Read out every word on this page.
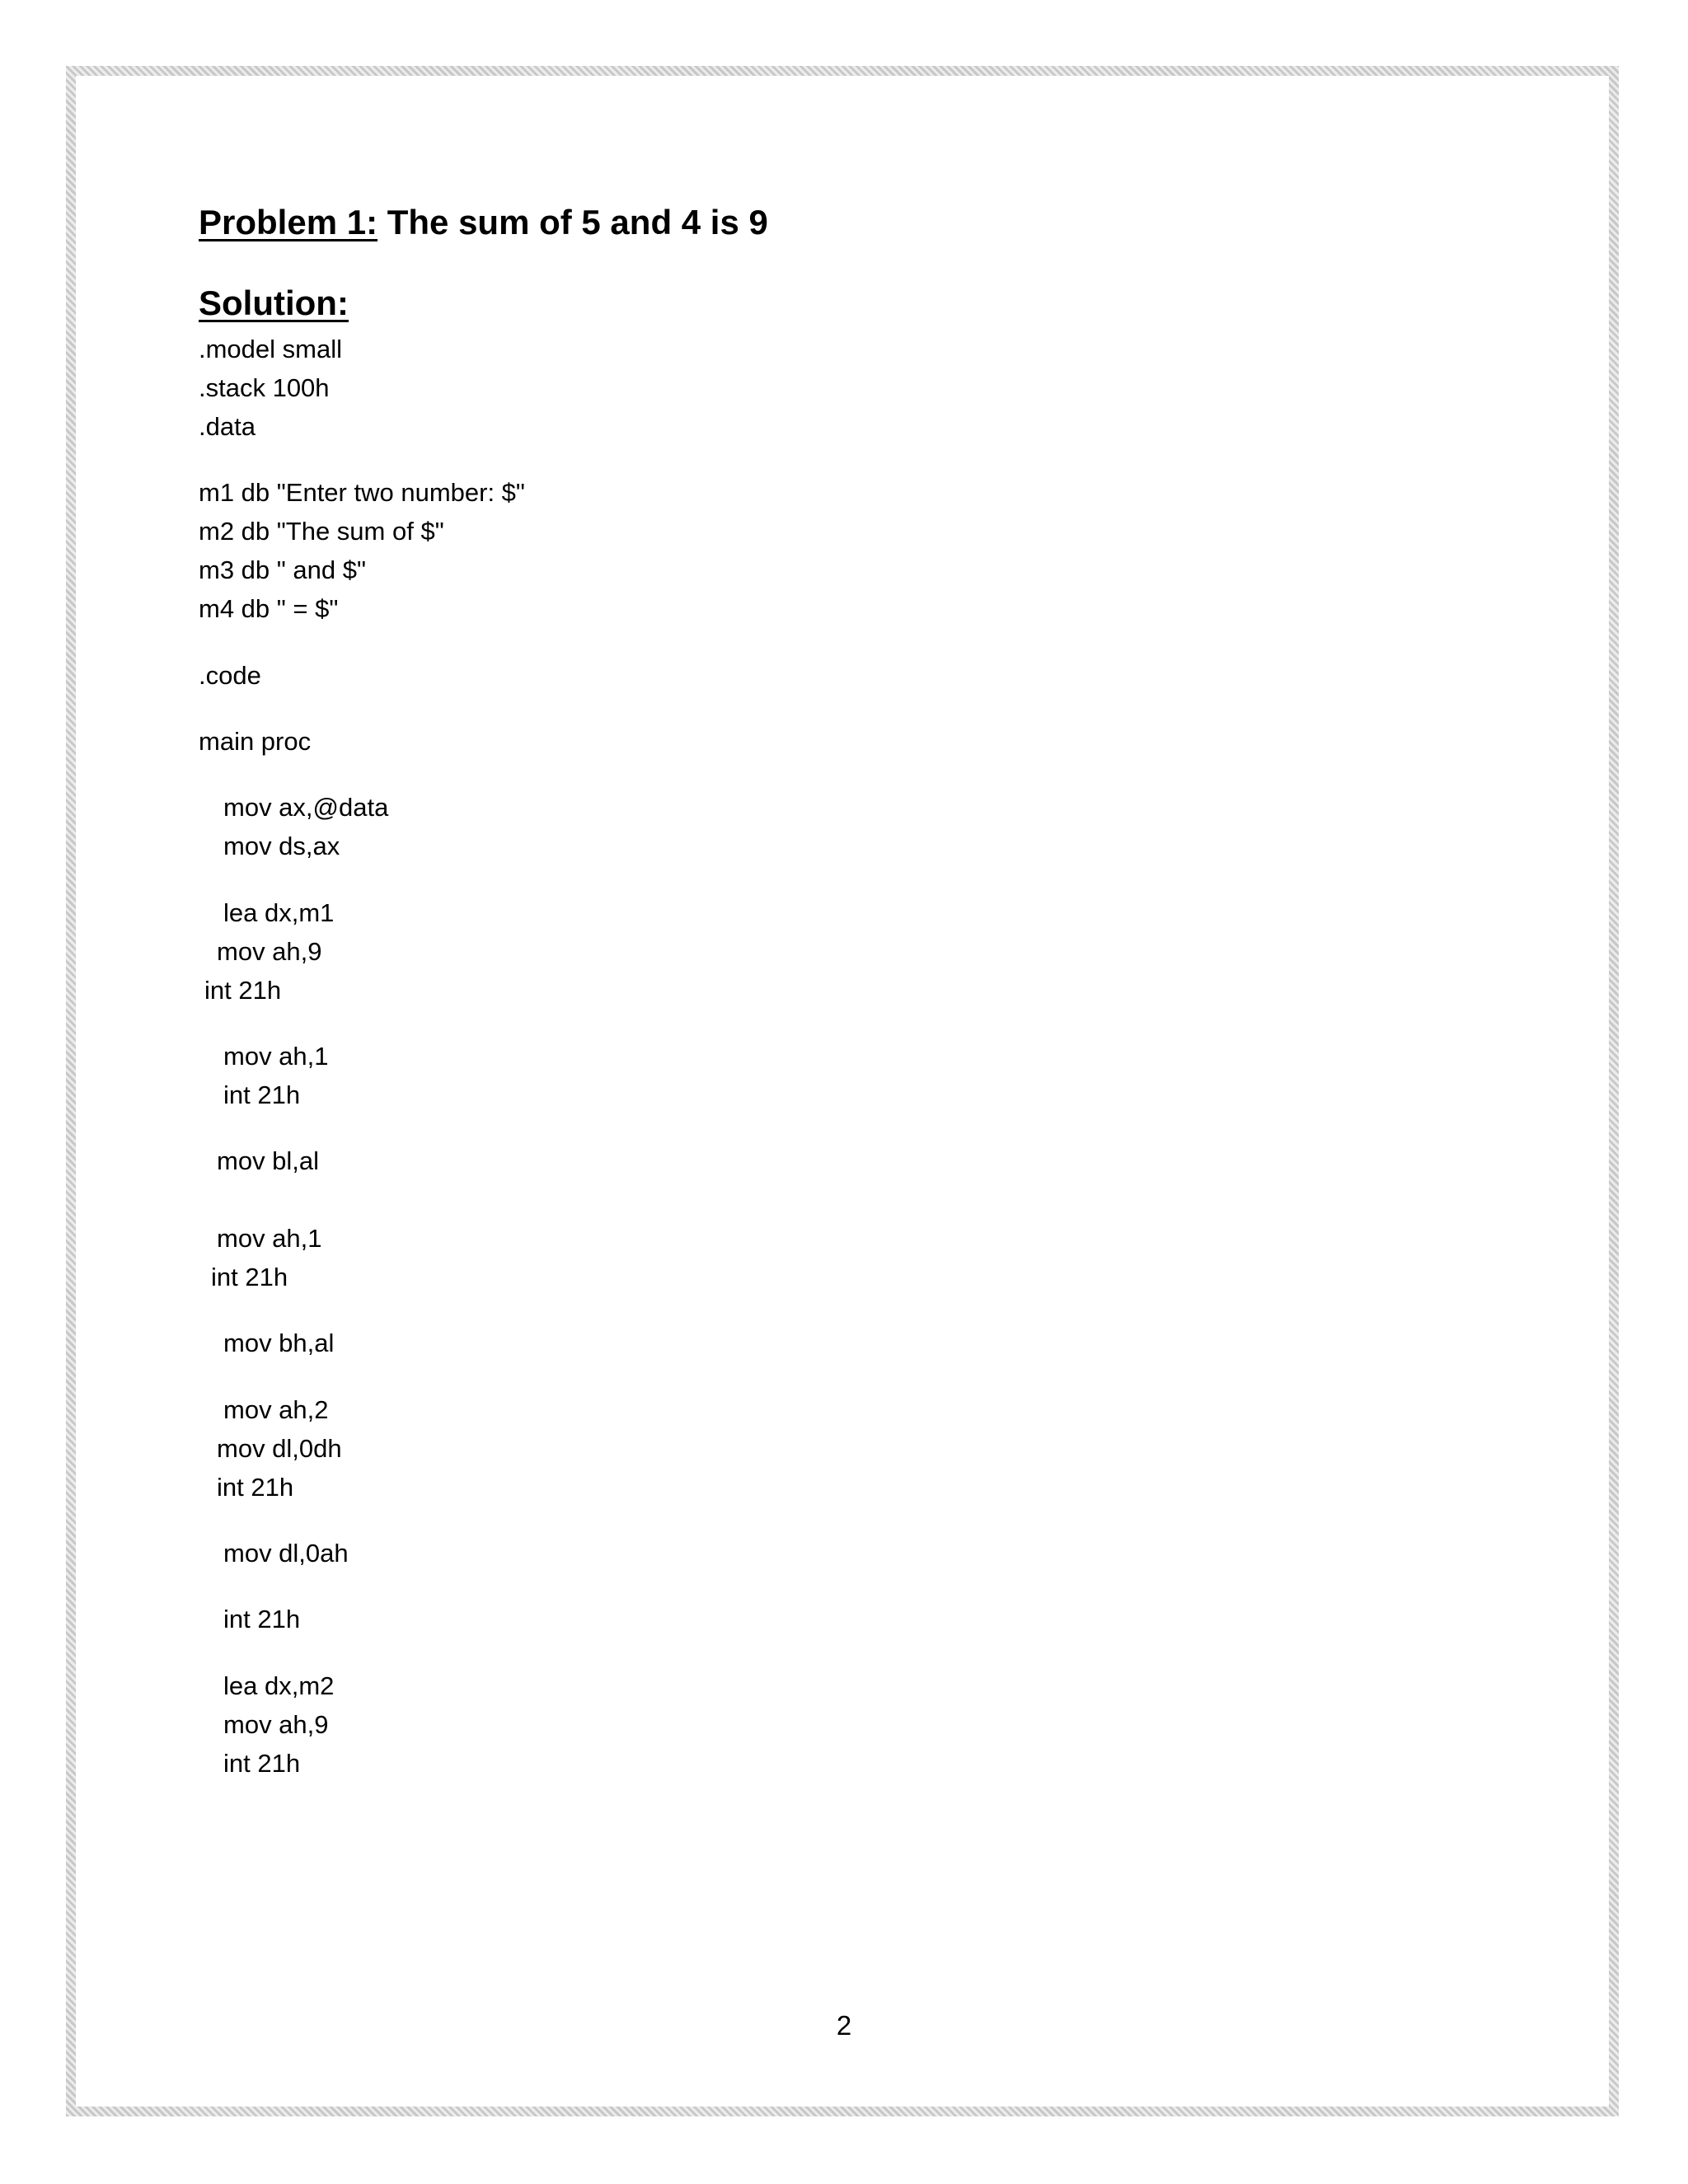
Problem 1: The sum of 5 and 4 is 9
Solution:
.model small
.stack 100h
.data
m1 db "Enter two number: $"
m2 db "The sum of $"
m3 db " and $"
m4 db " = $"
.code
main proc
mov ax,@data
mov ds,ax
lea dx,m1
mov ah,9
int 21h
mov ah,1
int 21h
mov bl,al
mov ah,1
int 21h
mov bh,al
mov ah,2
mov dl,0dh
int 21h
mov dl,0ah
int 21h
lea dx,m2
mov ah,9
int 21h
2
